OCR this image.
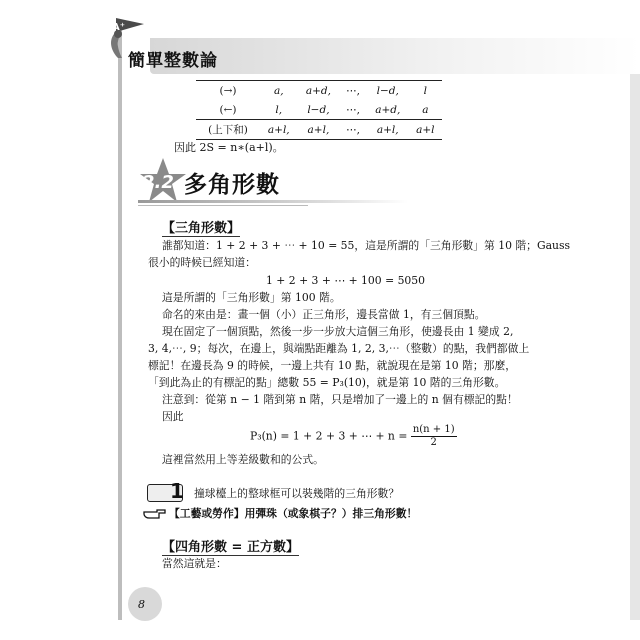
A⁺
簡單整數論
(→)	a,	a+d,	⋯,	l−d,	l
(←)	l,	l−d,	⋯,	a+d,	a
(上下和)	a+l,	a+l,	⋯,	a+l,	a+l
因此 2S = n∗(a+l)。
2.2 多角形數
【三角形數】
誰都知道：1 + 2 + 3 + ⋯ + 10 = 55，這是所謂的「三角形數」第 10 階；Gauss
很小的時候已經知道：
1 + 2 + 3 + ⋯ + 100 = 5050
這是所謂的「三角形數」第 100 階。
命名的來由是：畫一個（小）正三角形，邊長當做 1，有三個頂點。
現在固定了一個頂點，然後一步一步放大這個三角形，使邊長由 1 變成 2,
3, 4,⋯, 9；每次，在邊上，與端點距離為 1, 2, 3,⋯（整數）的點，我們都做上
標記！在邊長為 9 的時候，一邊上共有 10 點，就說現在是第 10 階；那麼，
「到此為止的有標記的點」總數 55 = P₃(10)，就是第 10 階的三角形數。
注意到：從第 n − 1 階到第 n 階，只是增加了一邊上的 n 個有標記的點！
因此
P₃(n) = 1 + 2 + 3 + ⋯ + $n = \frac{n(n + 1)}{2}$
這裡當然用上等差級數和的公式。
1 撞球檯上的整球框可以裝幾階的三角形數？
【工藝或勞作】用彈珠（或象棋子？）排三角形數！
【四角形數 = 正方數】
當然這就是：
8
